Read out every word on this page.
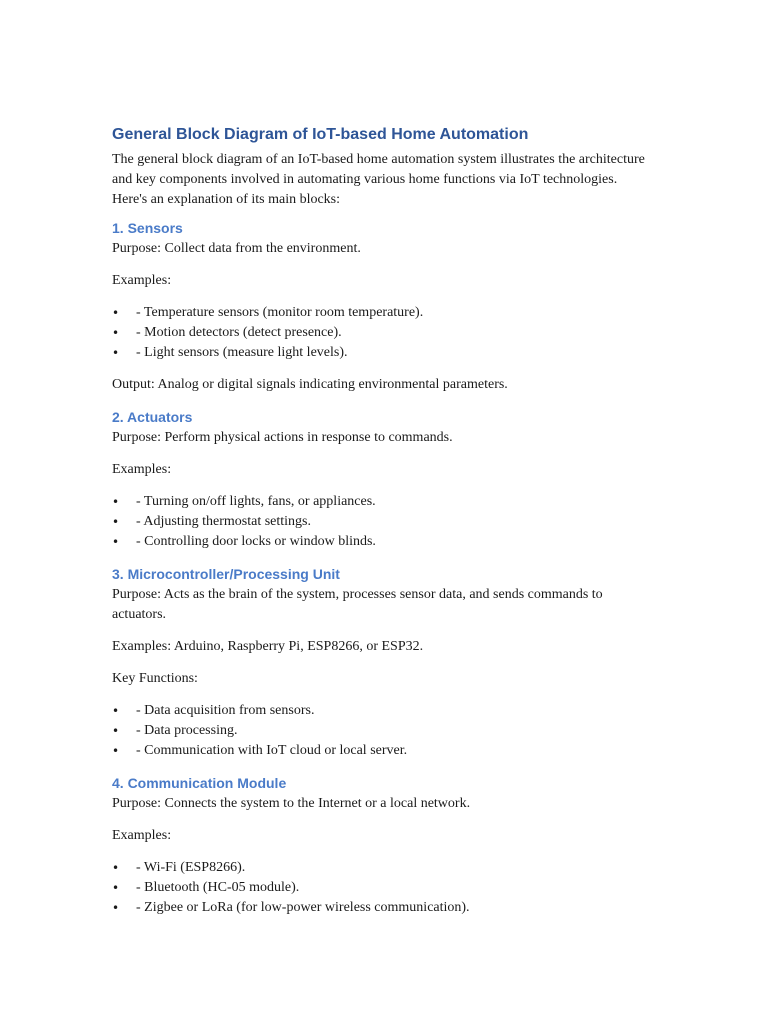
General Block Diagram of IoT-based Home Automation

The general block diagram of an IoT-based home automation system illustrates the architecture and key components involved in automating various home functions via IoT technologies. Here's an explanation of its main blocks:

1. Sensors

Purpose: Collect data from the environment.

Examples:

• - Temperature sensors (monitor room temperature).
• - Motion detectors (detect presence).
• - Light sensors (measure light levels).

Output: Analog or digital signals indicating environmental parameters.

2. Actuators

Purpose: Perform physical actions in response to commands.

Examples:

• - Turning on/off lights, fans, or appliances.
• - Adjusting thermostat settings.
• - Controlling door locks or window blinds.
3. Microcontroller/Processing Unit

Purpose: Acts as the brain of the system, processes sensor data, and sends commands to actuators.

Examples: Arduino, Raspberry Pi, ESP8266, or ESP32.

Key Functions:

• - Data acquisition from sensors.
• - Data processing.
• - Communication with IoT cloud or local server.
4. Communication Module

Purpose: Connects the system to the Internet or a local network.

Examples:

• - Wi-Fi (ESP8266).
• - Bluetooth (HC-05 module).
• - Zigbee or LoRa (for low-power wireless communication).
